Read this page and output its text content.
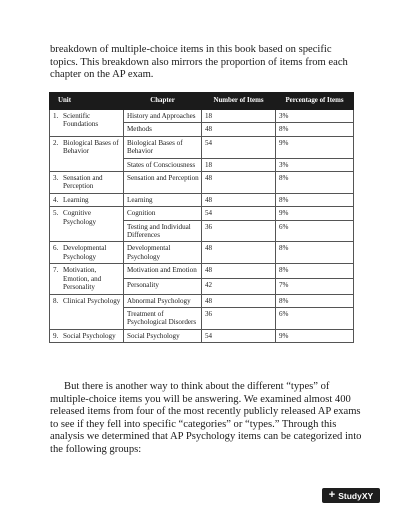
breakdown of multiple-choice items in this book based on specific topics. This breakdown also mirrors the proportion of items from each chapter on the AP exam.

Unit	Chapter	Number of Items	Percentage of Items

1. Scientific Foundations	History and Approaches	18	3%
	Methods	48	8%

2. Biological Bases of Behavior	Biological Bases of Behavior	54	9%
	States of Consciousness	18	3%

3. Sensation and Perception	Sensation and Perception	48	8%

4. Learning	Learning	48	8%

5. Cognitive Psychology	Cognition	54	9%
	Testing and Individual Differences	36	6%

6. Developmental Psychology	Developmental Psychology	48	8%

7. Motivation, Emotion, and Personality	Motivation and Emotion	48	8%
	Personality	42	7%

8. Clinical Psychology	Abnormal Psychology	48	8%
	Treatment of Psychological Disorders	36	6%

9. Social Psychology	Social Psychology	54	9%

But there is another way to think about the different “types” of multiple-choice items you will be answering. We examined almost 400 released items from four of the most recently publicly released AP exams to see if they fell into specific “categories” or “types.” Through this analysis we determined that AP Psychology items can be categorized into the following groups:

+ StudyXY
